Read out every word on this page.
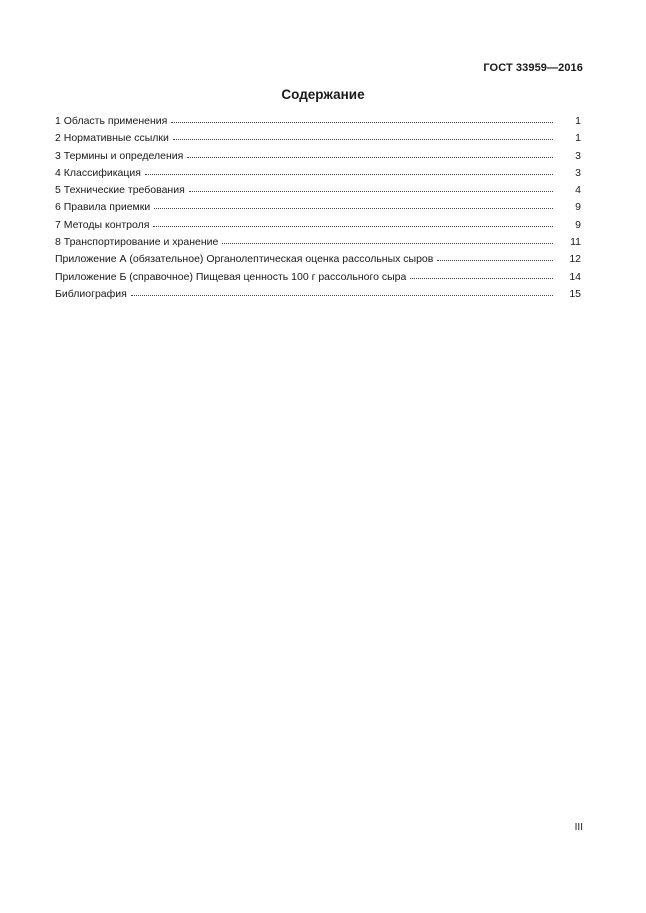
ГОСТ 33959—2016
Содержание
1 Область применения	1
2 Нормативные ссылки	1
3 Термины и определения	3
4 Классификация	3
5 Технические требования	4
6 Правила приемки	9
7 Методы контроля	9
8 Транспортирование и хранение	11
Приложение А (обязательное) Органолептическая оценка рассольных сыров	12
Приложение Б (справочное) Пищевая ценность 100 г рассольного сыра	14
Библиография	15
III
